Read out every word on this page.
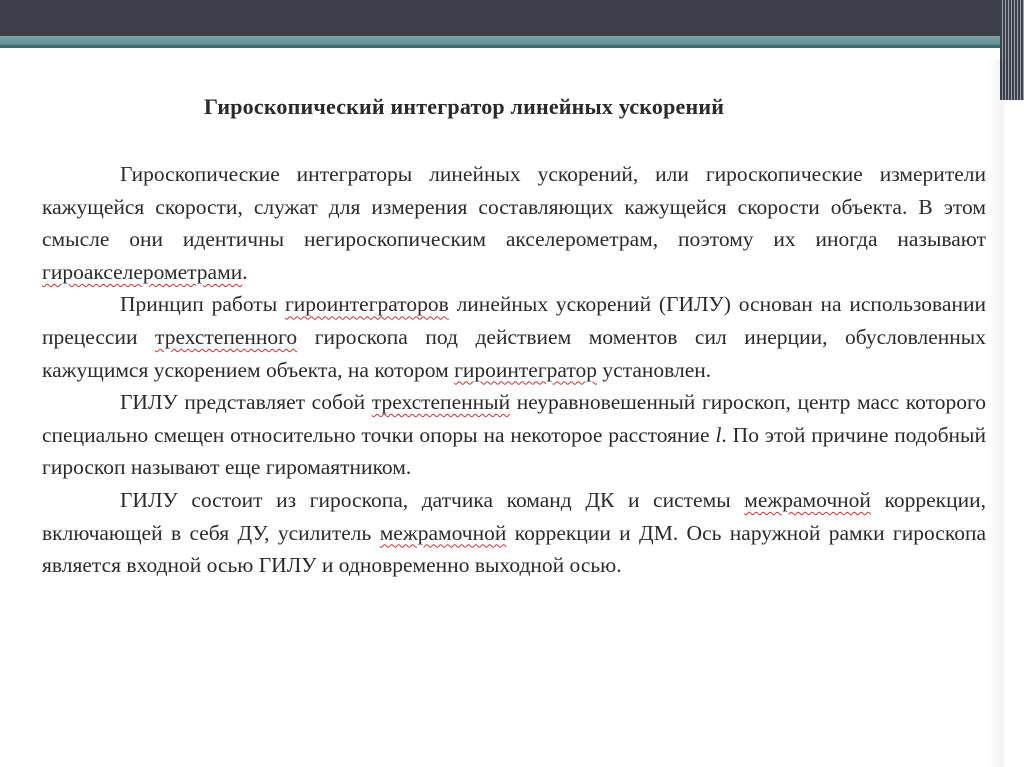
Гироскопический интегратор линейных ускорений

Гироскопические интеграторы линейных ускорений, или гироскопические измерители кажущейся скорости, служат для измерения составляющих кажущейся скорости объекта. В этом смысле они идентичны негироскопическим акселерометрам, поэтому их иногда называют гироакселерометрами.

Принцип работы гироинтеграторов линейных ускорений (ГИЛУ) основан на использовании прецессии трехстепенного гироскопа под действием моментов сил инерции, обусловленных кажущимся ускорением объекта, на котором гироинтегратор установлен.

ГИЛУ представляет собой трехстепенный неуравновешенный гироскоп, центр масс которого специально смещен относительно точки опоры на некоторое расстояние l. По этой причине подобный гироскоп называют еще гиромаятником.

ГИЛУ состоит из гироскопа, датчика команд ДК и системы межрамочной коррекции, включающей в себя ДУ, усилитель межрамочной коррекции и ДМ. Ось наружной рамки гироскопа является входной осью ГИЛУ и одновременно выходной осью.
